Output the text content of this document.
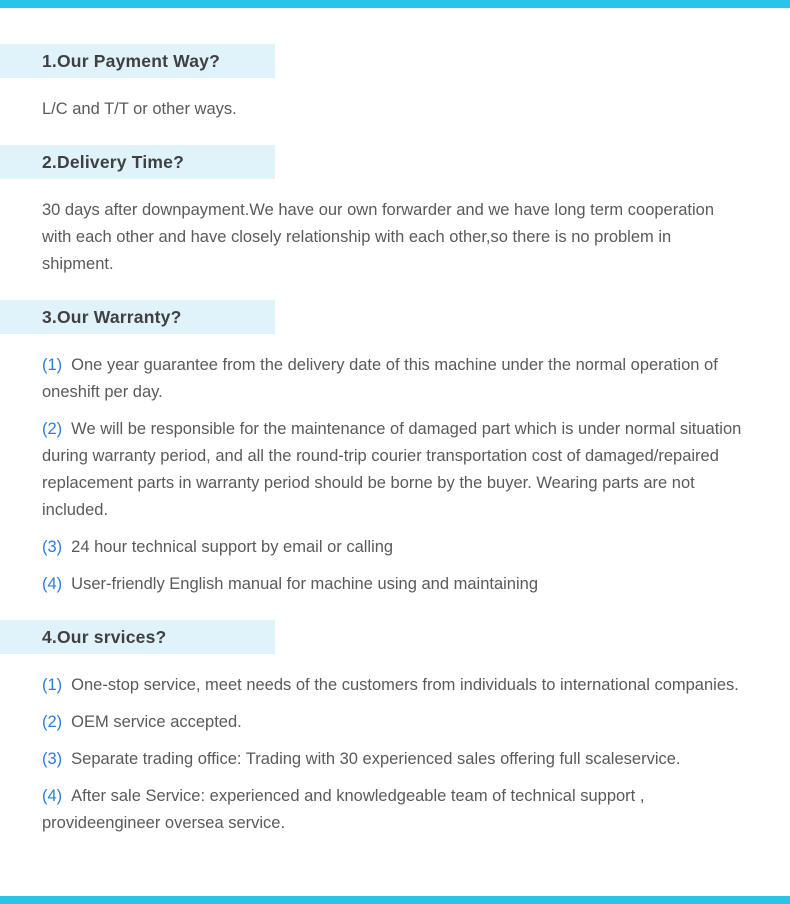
1.Our Payment Way?

L/C and T/T or other ways.

2.Delivery Time?

30 days after downpayment.We have our own forwarder and we have long term cooperation with each other and have closely relationship with each other,so there is no problem in shipment.

3.Our Warranty?
(1) One year guarantee from the delivery date of this machine under the normal operation of oneshift per day.
(2) We will be responsible for the maintenance of damaged part which is under normal situation during warranty period, and all the round-trip courier transportation cost of damaged/repaired replacement parts in warranty period should be borne by the buyer. Wearing parts are not included.
(3) 24 hour technical support by email or calling
(4) User-friendly English manual for machine using and maintaining
4.Our srvices?
(1) One-stop service, meet needs of the customers from individuals to international companies.
(2) OEM service accepted.
(3) Separate trading office: Trading with 30 experienced sales offering full scaleservice.
(4) After sale Service: experienced and knowledgeable team of technical support , provideengineer oversea service.
